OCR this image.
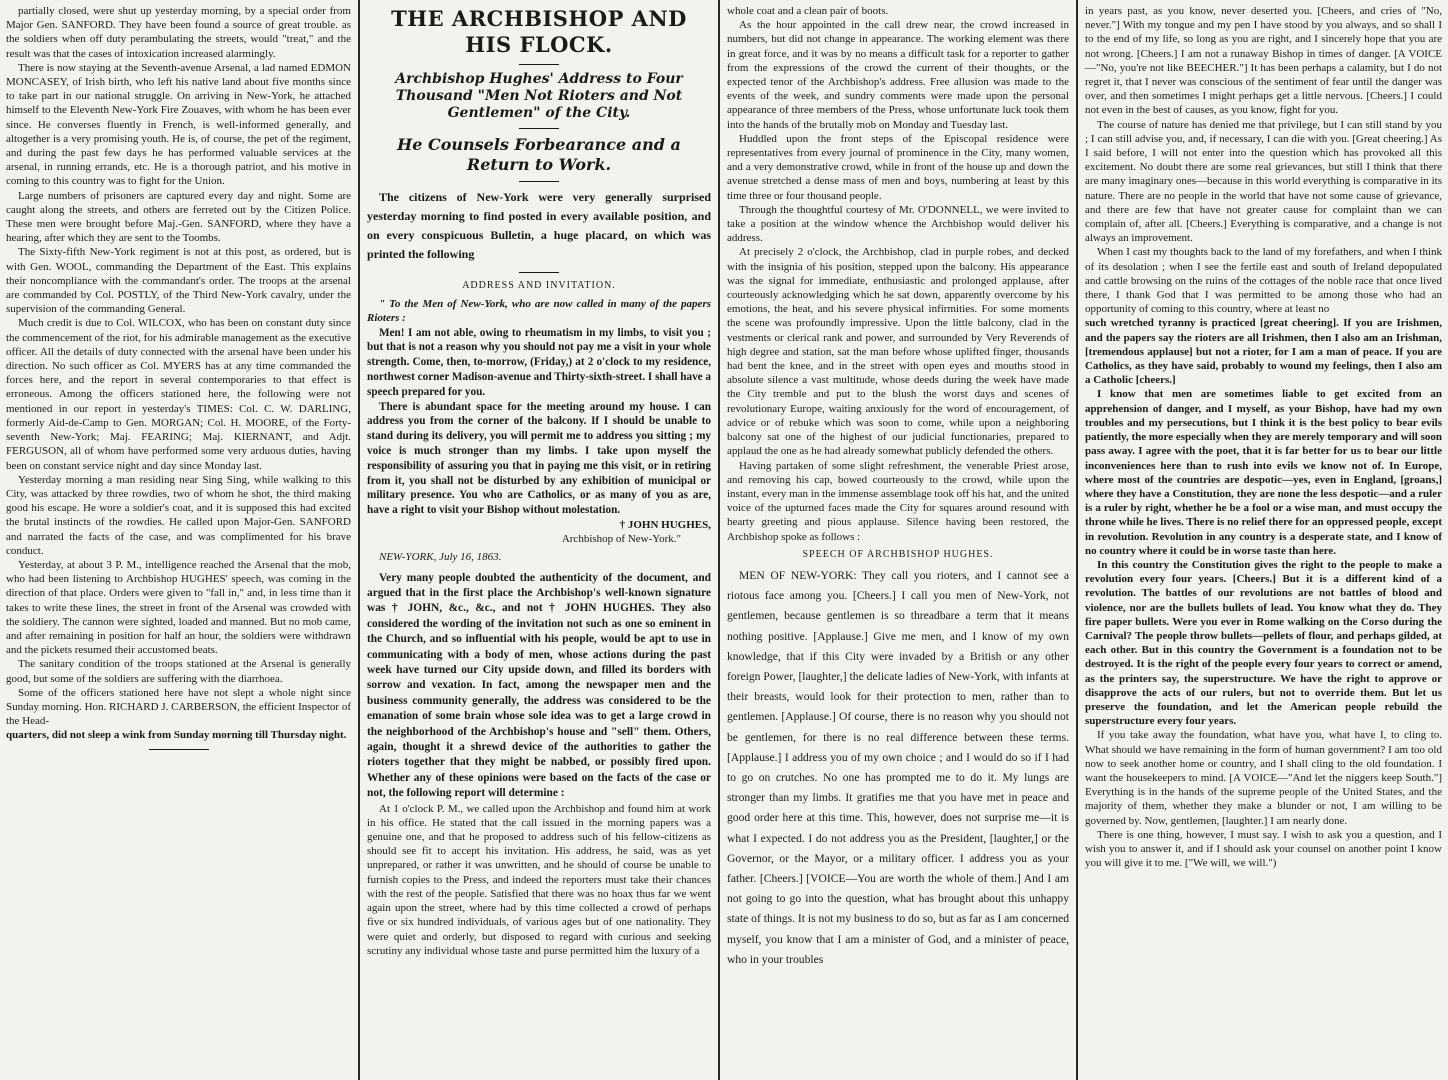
partially closed, were shut up yesterday morning, by a special order from Major Gen. SANFORD. They have been found a source of great trouble. as the soldiers when off duty perambulating the streets, would "treat," and the result was that the cases of intoxication increased alarmingly.

There is now staying at the Seventh-avenue Arsenal, a lad named EDMON MONCASEY, of Irish birth, who left his native land about five months since to take part in our national struggle. On arriving in New-York, he attached himself to the Eleventh New-York Fire Zouaves, with whom he has been ever since. He converses fluently in French, is well-informed generally, and altogether is a very promising youth. He is, of course, the pet of the regiment, and during the past few days he has performed valuable services at the arsenal, in running errands, etc. He is a thorough patriot, and his motive in coming to this country was to fight for the Union.

Large numbers of prisoners are captured every day and night. Some are caught along the streets, and others are ferreted out by the Citizen Police. These men were brought before Maj.-Gen. SANFORD, where they have a hearing, after which they are sent to the Toombs.

The Sixty-fifth New-York regiment is not at this post, as ordered, but is with Gen. WOOL, commanding the Department of the East. This explains their noncompliance with the commandant's order. The troops at the arsenal are commanded by Col. POSTLY, of the Third New-York cavalry, under the supervision of the commanding General.

Much credit is due to Col. WILCOX, who has been on constant duty since the commencement of the riot, for his admirable management as the executive officer. All the details of duty connected with the arsenal have been under his direction. No such officer as Col. MYERS has at any time commanded the forces here, and the report in several contemporaries to that effect is erroneous. Among the officers stationed here, the following were not mentioned in our report in yesterday's TIMES: Col. C. W. DARLING, formerly Aid-de-Camp to Gen. MORGAN; Col. H. MOORE, of the Forty-seventh New-York; Maj. FEARING; Maj. KIERNANT, and Adjt. FERGUSON, all of whom have performed some very arduous duties, having been on constant service night and day since Monday last.

Yesterday morning a man residing near Sing Sing, while walking to this City, was attacked by three rowdies, two of whom he shot, the third making good his escape. He wore a soldier's coat, and it is supposed this had excited the brutal instincts of the rowdies. He called upon Major-Gen. SANFORD and narrated the facts of the case, and was complimented for his brave conduct.

Yesterday, at about 3 P. M., intelligence reached the Arsenal that the mob, who had been listening to Archbishop HUGHES' speech, was coming in the direction of that place. Orders were given to "fall in," and, in less time than it takes to write these lines, the street in front of the Arsenal was crowded with the soldiery. The cannon were sighted, loaded and manned. But no mob came, and after remaining in position for half an hour, the soldiers were withdrawn and the pickets resumed their accustomed beats.

The sanitary condition of the troops stationed at the Arsenal is generally good, but some of the soldiers are suffering with the diarrhoea.

Some of the officers stationed here have not slept a whole night since Sunday morning. Hon. RICHARD J. CARBERSON, the efficient Inspector of the Head-

quarters, did not sleep a wink from Sunday morning till Thursday night.

THE ARCHBISHOP AND HIS FLOCK.
Archbishop Hughes' Address to Four Thousand "Men Not Rioters and Not Gentlemen" of the City.
He Counsels Forbearance and a Return to Work.

The citizens of New-York were very generally surprised yesterday morning to find posted in every available position, and on every conspicuous Bulletin, a huge placard, on which was printed the following

ADDRESS AND INVITATION.

" To the Men of New-York, who are now called in many of the papers Rioters :

Men! I am not able, owing to rheumatism in my limbs, to visit you ; but that is not a reason why you should not pay me a visit in your whole strength. Come, then, to-morrow, (Friday,) at 2 o'clock to my residence, northwest corner Madison-avenue and Thirty-sixth-street. I shall have a speech prepared for you.

There is abundant space for the meeting around my house. I can address you from the corner of the balcony. If I should be unable to stand during its delivery, you will permit me to address you sitting ; my voice is much stronger than my limbs. I take upon myself the responsibility of assuring you that in paying me this visit, or in retiring from it, you shall not be disturbed by any exhibition of municipal or military presence. You who are Catholics, or as many of you as are, have a right to visit your Bishop without molestation.

† JOHN HUGHES,

Archbishop of New-York."

NEW-YORK, July 16, 1863.

Very many people doubted the authenticity of the document, and argued that in the first place the Archbishop's well-known signature was † JOHN, &c., &c., and not † JOHN HUGHES. They also considered the wording of the invitation not such as one so eminent in the Church, and so influential with his people, would be apt to use in communicating with a body of men, whose actions during the past week have turned our City upside down, and filled its borders with sorrow and vexation. In fact, among the newspaper men and the business community generally, the address was considered to be the emanation of some brain whose sole idea was to get a large crowd in the neighborhood of the Archbishop's house and "sell" them. Others, again, thought it a shrewd device of the authorities to gather the rioters together that they might be nabbed, or possibly fired upon. Whether any of these opinions were based on the facts of the case or not, the following report will determine :

At 1 o'clock P. M., we called upon the Archbishop and found him at work in his office. He stated that the call issued in the morning papers was a genuine one, and that he proposed to address such of his fellow-citizens as should see fit to accept his invitation. His address, he said, was as yet unprepared, or rather it was unwritten, and he should of course be unable to furnish copies to the Press, and indeed the reporters must take their chances with the rest of the people. Satisfied that there was no hoax thus far we went again upon the street, where had by this time collected a crowd of perhaps five or six hundred individuals, of various ages but of one nationality. They were quiet and orderly, but disposed to regard with curious and seeking scrutiny any individual whose taste and purse permitted him the luxury of a

whole coat and a clean pair of boots.

As the hour appointed in the call drew near, the crowd increased in numbers, but did not change in appearance. The working element was there in great force, and it was by no means a difficult task for a reporter to gather from the expressions of the crowd the current of their thoughts, or the expected tenor of the Archbishop's address. Free allusion was made to the events of the week, and sundry comments were made upon the personal appearance of three members of the Press, whose unfortunate luck took them into the hands of the brutally mob on Monday and Tuesday last.

Huddled upon the front steps of the Episcopal residence were representatives from every journal of prominence in the City, many women, and a very demonstrative crowd, while in front of the house up and down the avenue stretched a dense mass of men and boys, numbering at least by this time three or four thousand people.

Through the thoughtful courtesy of Mr. O'DONNELL, we were invited to take a position at the window whence the Archbishop would deliver his address.

At precisely 2 o'clock, the Archbishop, clad in purple robes, and decked with the insignia of his position, stepped upon the balcony. His appearance was the signal for immediate, enthusiastic and prolonged applause, after courteously acknowledging which he sat down, apparently overcome by his emotions, the heat, and his severe physical infirmities. For some moments the scene was profoundly impressive. Upon the little balcony, clad in the vestments or clerical rank and power, and surrounded by Very Reverends of high degree and station, sat the man before whose uplifted finger, thousands had bent the knee, and in the street with open eyes and mouths stood in absolute silence a vast multitude, whose deeds during the week have made the City tremble and put to the blush the worst days and scenes of revolutionary Europe, waiting anxiously for the word of encouragement, of advice or of rebuke which was soon to come, while upon a neighboring balcony sat one of the highest of our judicial functionaries, prepared to applaud the one as he had already somewhat publicly defended the others.

Having partaken of some slight refreshment, the venerable Priest arose, and removing his cap, bowed courteously to the crowd, while upon the instant, every man in the immense assemblage took off his hat, and the united voice of the upturned faces made the City for squares around resound with hearty greeting and pious applause. Silence having been restored, the Archbishop spoke as follows :

SPEECH OF ARCHBISHOP HUGHES.

MEN OF NEW-YORK: They call you rioters, and I cannot see a riotous face among you. [Cheers.] I call you men of New-York, not gentlemen, because gentlemen is so threadbare a term that it means nothing positive. [Applause.] Give me men, and I know of my own knowledge, that if this City were invaded by a British or any other foreign Power, [laughter,] the delicate ladies of New-York, with infants at their breasts, would look for their protection to men, rather than to gentlemen. [Applause.] Of course, there is no reason why you should not be gentlemen, for there is no real difference between these terms. [Applause.] I address you of my own choice ; and I would do so if I had to go on crutches. No one has prompted me to do it. My lungs are stronger than my limbs. It gratifies me that you have met in peace and good order here at this time. This, however, does not surprise me—it is what I expected. I do not address you as the President, [laughter,] or the Governor, or the Mayor, or a military officer. I address you as your father. [Cheers.] [VOICE—You are worth the whole of them.] And I am not going to go into the question, what has brought about this unhappy state of things. It is not my business to do so, but as far as I am concerned myself, you know that I am a minister of God, and a minister of peace, who in your troubles

in years past, as you know, never deserted you. [Cheers, and cries of "No, never."] With my tongue and my pen I have stood by you always, and so shall I to the end of my life, so long as you are right, and I sincerely hope that you are not wrong. [Cheers.] I am not a runaway Bishop in times of danger. [A VOICE—"No, you're not like BEECHER."] It has been perhaps a calamity, but I do not regret it, that I never was conscious of the sentiment of fear until the danger was over, and then sometimes I might perhaps get a little nervous. [Cheers.] I could not even in the best of causes, as you know, fight for you.

The course of nature has denied me that privilege, but I can still stand by you ; I can still advise you, and, if necessary, I can die with you. [Great cheering.] As I said before, I will not enter into the question which has provoked all this excitement. No doubt there are some real grievances, but still I think that there are many imaginary ones—because in this world everything is comparative in its nature. There are no people in the world that have not some cause of grievance, and there are few that have not greater cause for complaint than we can complain of, after all. [Cheers.] Everything is comparative, and a change is not always an improvement.

When I cast my thoughts back to the land of my forefathers, and when I think of its desolation ; when I see the fertile east and south of Ireland depopulated and cattle browsing on the ruins of the cottages of the noble race that once lived there, I thank God that I was permitted to be among those who had an opportunity of coming to this country, where at least no

such wretched tyranny is practiced [great cheering]. If you are Irishmen, and the papers say the rioters are all Irishmen, then I also am an Irishman, [tremendous applause] but not a rioter, for I am a man of peace. If you are Catholics, as they have said, probably to wound my feelings, then I also am a Catholic [cheers.]

I know that men are sometimes liable to get excited from an apprehension of danger, and I myself, as your Bishop, have had my own troubles and my persecutions, but I think it is the best policy to bear evils patiently, the more especially when they are merely temporary and will soon pass away. I agree with the poet, that it is far better for us to bear our little inconveniences here than to rush into evils we know not of. In Europe, where most of the countries are despotic—yes, even in England, [groans,] where they have a Constitution, they are none the less despotic—and a ruler is a ruler by right, whether he be a fool or a wise man, and must occupy the throne while he lives. There is no relief there for an oppressed people, except in revolution. Revolution in any country is a desperate state, and I know of no country where it could be in worse taste than here.

In this country the Constitution gives the right to the people to make a revolution every four years. [Cheers.] But it is a different kind of a revolution. The battles of our revolutions are not battles of blood and violence, nor are the bullets bullets of lead. You know what they do. They fire paper bullets. Were you ever in Rome walking on the Corso during the Carnival? The people throw bullets—pellets of flour, and perhaps gilded, at each other. But in this country the Government is a foundation not to be destroyed. It is the right of the people every four years to correct or amend, as the printers say, the superstructure. We have the right to approve or disapprove the acts of our rulers, but not to override them. But let us preserve the foundation, and let the American people rebuild the superstructure every four years.

If you take away the foundation, what have you, what have I, to cling to. What should we have remaining in the form of human government? I am too old now to seek another home or country, and I shall cling to the old foundation. I want the housekeepers to mind. [A VOICE—"And let the niggers keep South."] Everything is in the hands of the supreme people of the United States, and the majority of them, whether they make a blunder or not, I am willing to be governed by. Now, gentlemen, [laughter.] I am nearly done.

There is one thing, however, I must say. I wish to ask you a question, and I wish you to answer it, and if I should ask your counsel on another point I know you will give it to me. ["We will, we will.")
